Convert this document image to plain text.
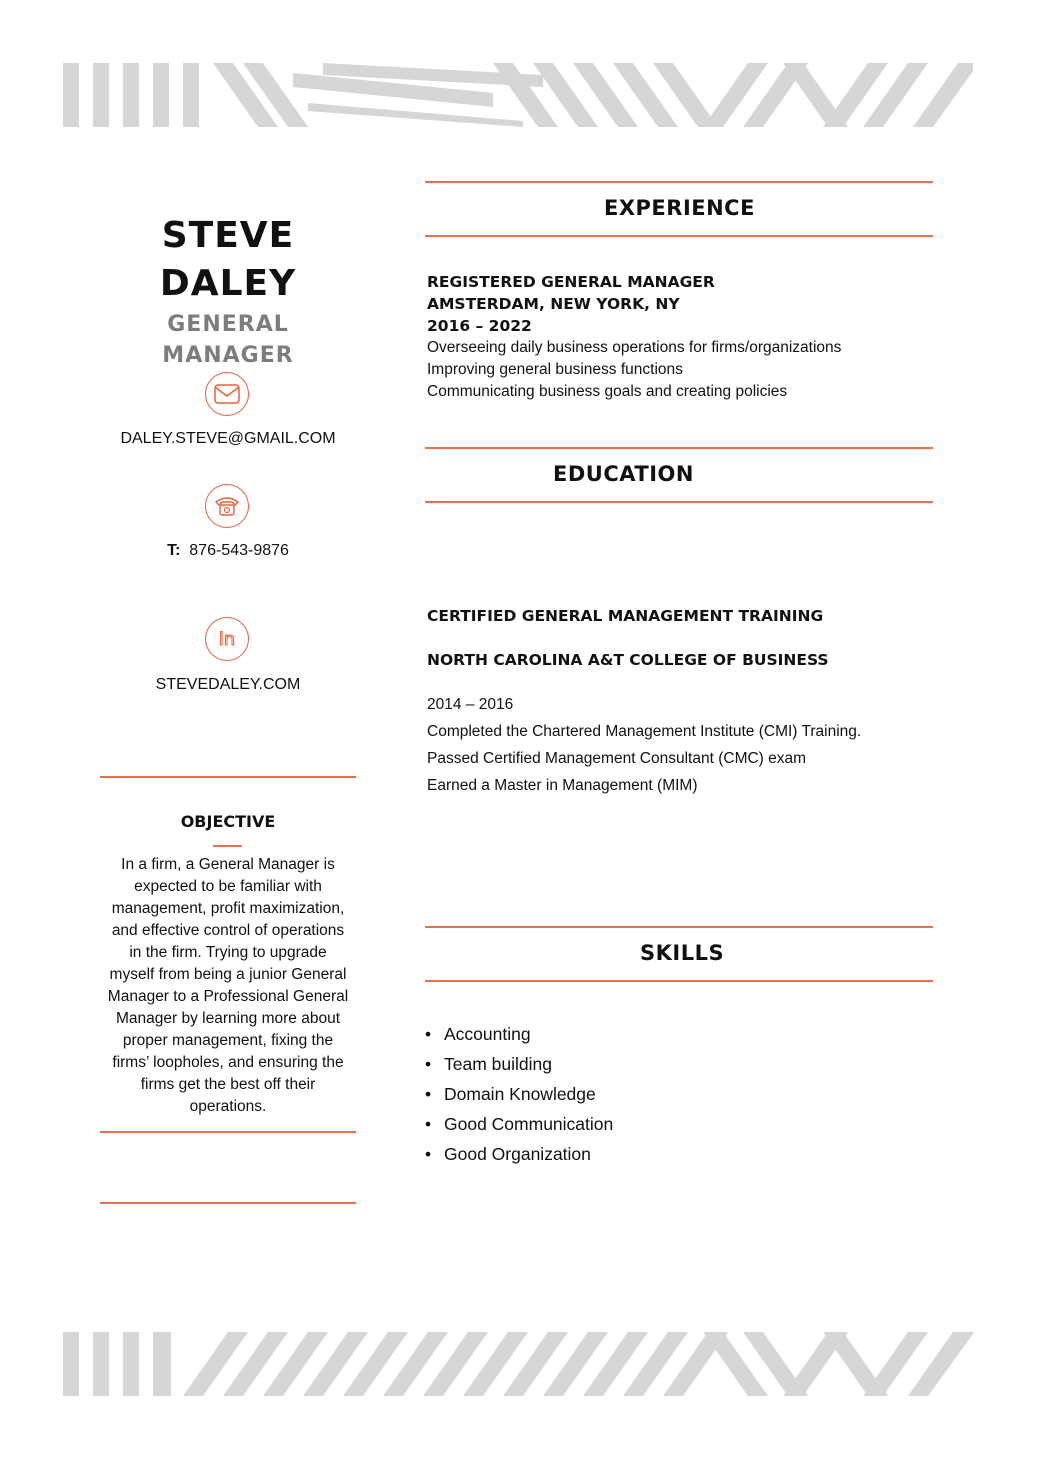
STEVE
DALEY
GENERAL
MANAGER
DALEY.STEVE@GMAIL.COM
T: 876-543-9876
in
STEVEDALEY.COM
OBJECTIVE
In a firm, a General Manager is
expected to be familiar with
management, profit maximization,
and effective control of operations
in the firm. Trying to upgrade
myself from being a junior General
Manager to a Professional General
Manager by learning more about
proper management, fixing the
firms’ loopholes, and ensuring the
firms get the best off their
operations.
EXPERIENCE
REGISTERED GENERAL MANAGER
AMSTERDAM, NEW YORK, NY
2016 – 2022
Overseeing daily business operations for firms/organizations
Improving general business functions
Communicating business goals and creating policies
EDUCATION
CERTIFIED GENERAL MANAGEMENT TRAINING
NORTH CAROLINA A&T COLLEGE OF BUSINESS
2014 – 2016
Completed the Chartered Management Institute (CMI) Training.
Passed Certified Management Consultant (CMC) exam
Earned a Master in Management (MIM)
SKILLS
• Accounting
• Team building
• Domain Knowledge
• Good Communication
• Good Organization
